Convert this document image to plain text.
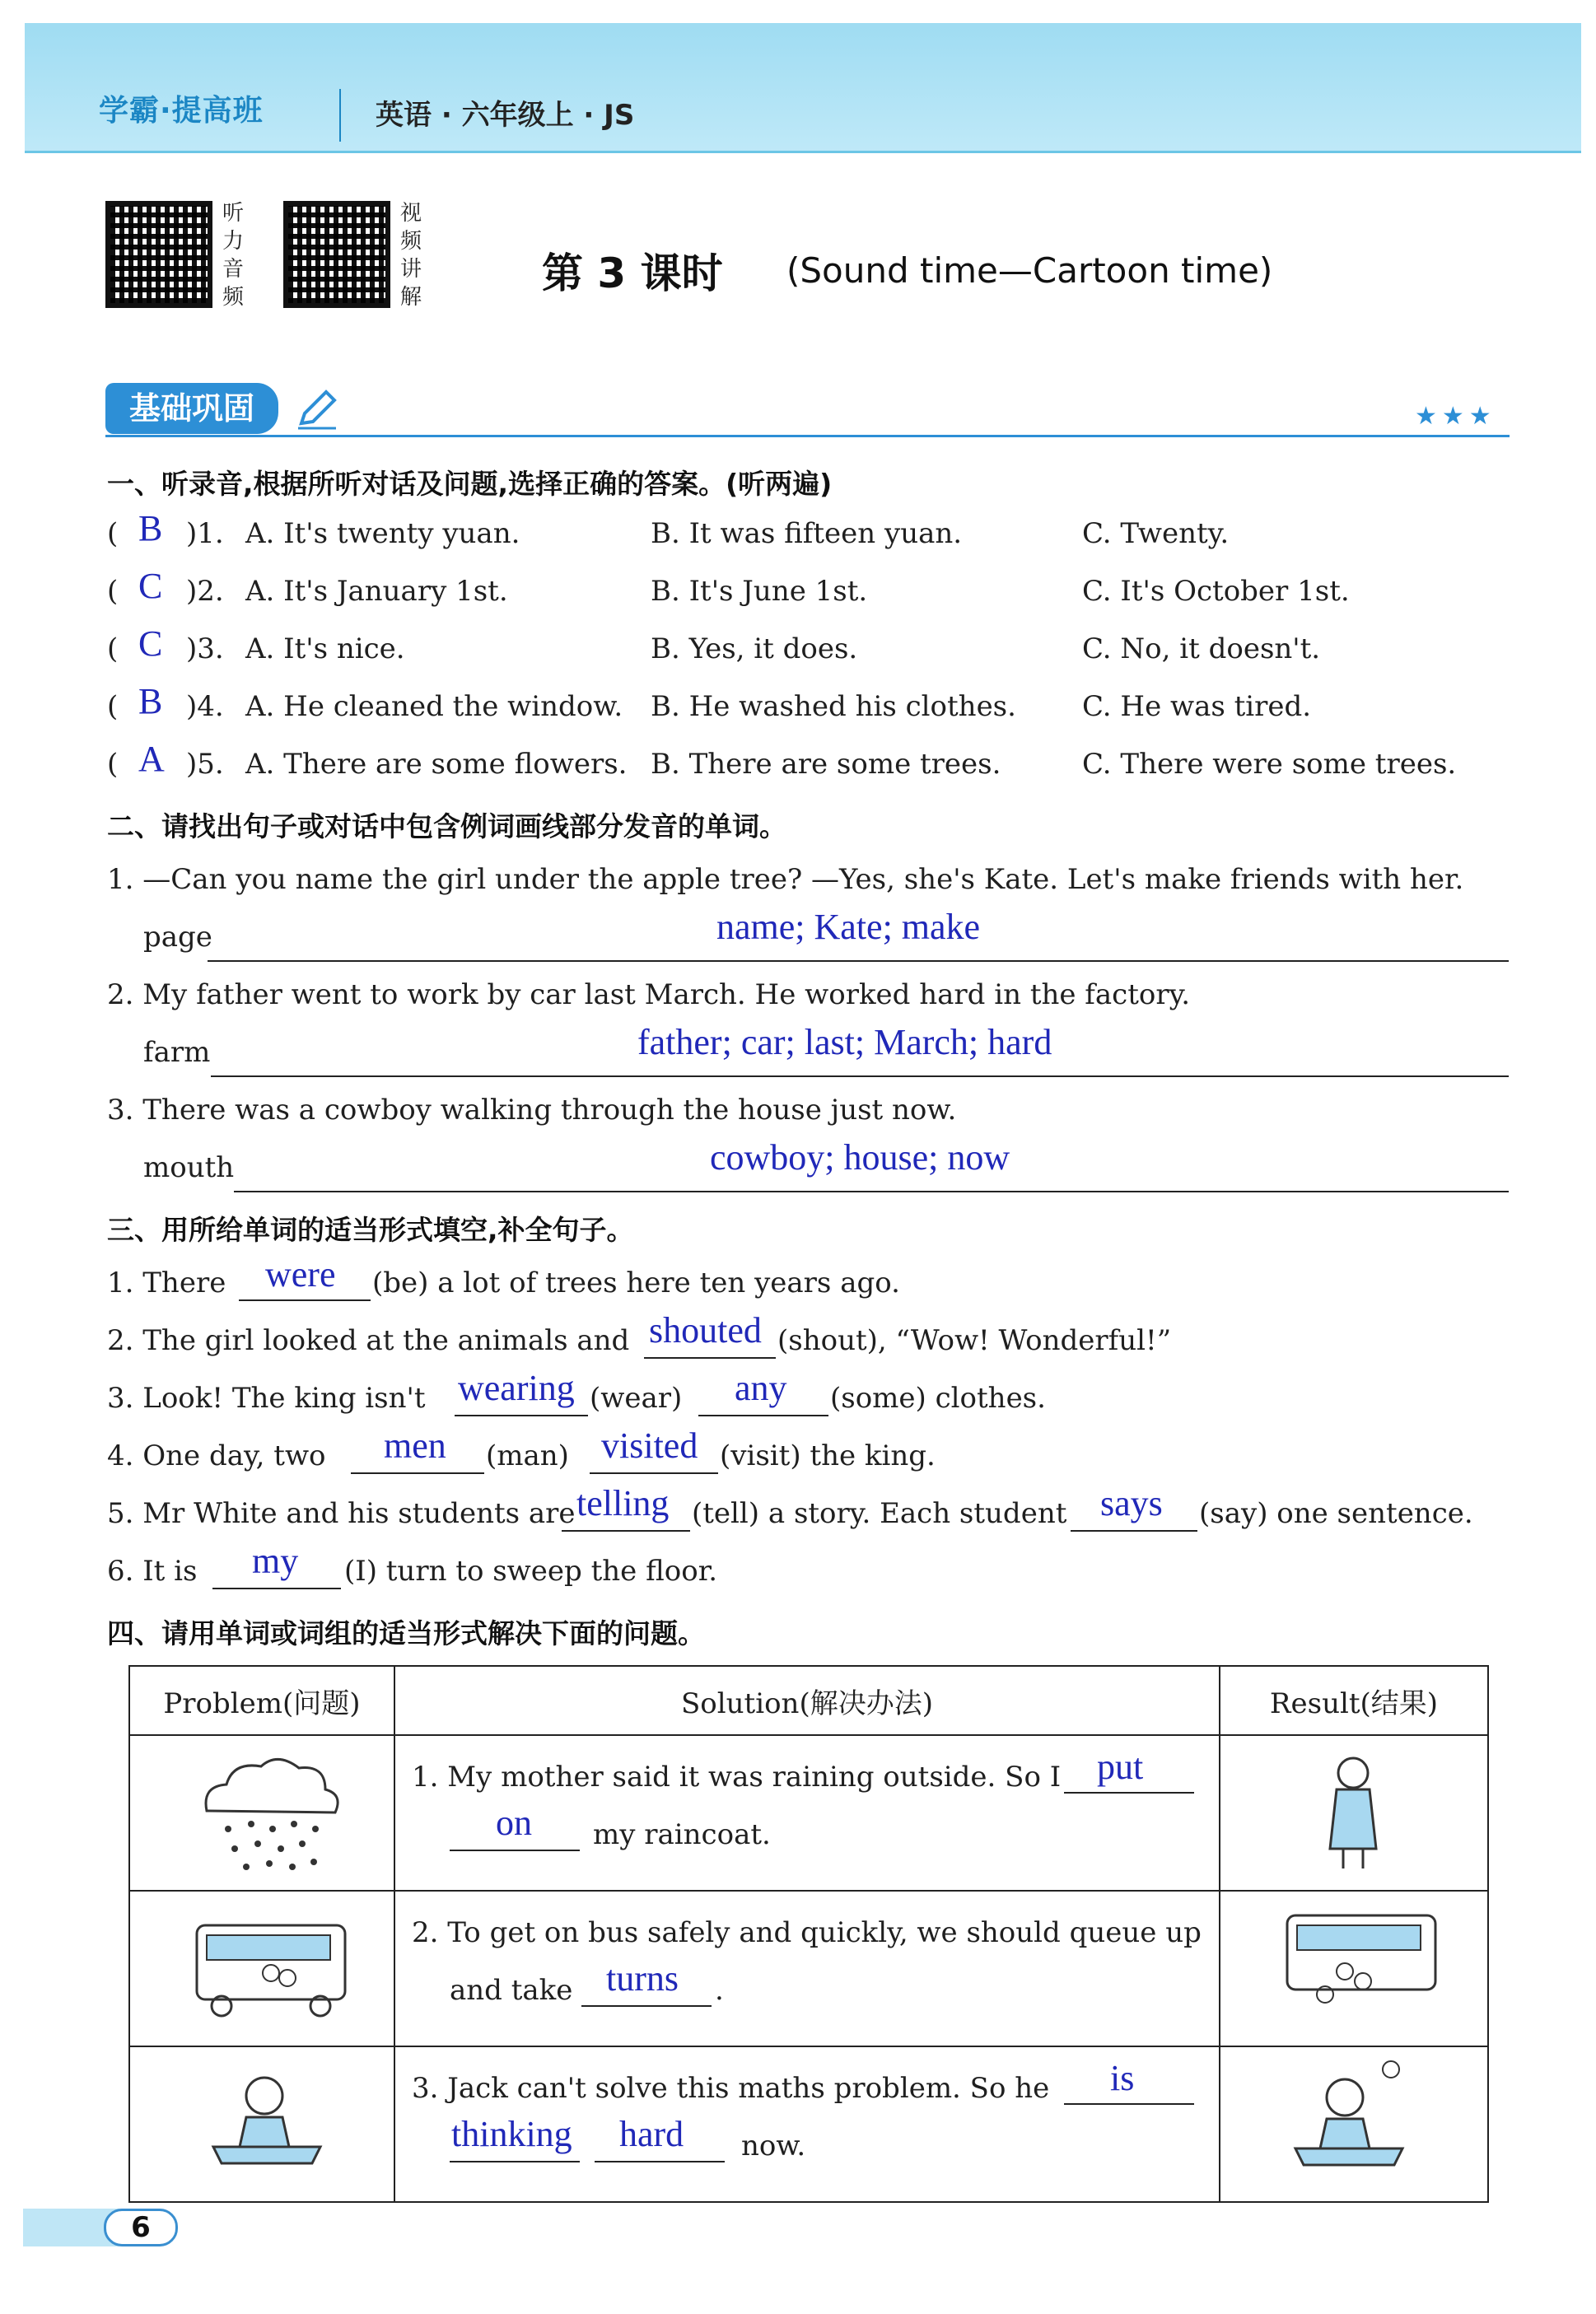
学霸·提高班	英语 · 六年级上 · JS
听力音频
视频讲解	第 3 课时 (Sound time—Cartoon time)
基础巩固	★★★
一、听录音,根据所听对话及问题,选择正确的答案。(听两遍)
( B )1. A. It's twenty yuan.	B. It was fifteen yuan.	C. Twenty.
( C )2. A. It's January 1st.	B. It's June 1st.	C. It's October 1st.
( C )3. A. It's nice.	B. Yes, it does.	C. No, it doesn't.
( B )4. A. He cleaned the window. B. He washed his clothes. C. He was tired.
( A )5. A. There are some flowers. B. There are some trees.	C. There were some trees.
二、请找出句子或对话中包含例词画线部分发音的单词。
1. —Can you name the girl under the apple tree? —Yes, she's Kate. Let's make friends with her.
page	name; Kate; make
2. My father went to work by car last March. He worked hard in the factory.
farm	father; car; last; March; hard
3. There was a cowboy walking through the house just now.
mouth	cowboy; house; now
三、用所给单词的适当形式填空,补全句子。
1. There were (be) a lot of trees here ten years ago.
2. The girl looked at the animals and shouted (shout), “Wow! Wonderful!”
3. Look! The king isn't wearing (wear) any (some) clothes.
4. One day, two men (man) visited (visit) the king.
5. Mr White and his students are telling (tell) a story. Each student says (say) one sentence.
6. It is my (I) turn to sweep the floor.
四、请用单词或词组的适当形式解决下面的问题。
Problem(问题)	Solution(解决办法)	Result(结果)

1. My mother said it was raining outside. So I put
on my raincoat.

2. To get on bus safely and quickly, we should queue up
and take turns .

3. Jack can't solve this maths problem. So he is
thinking hard now.

6
